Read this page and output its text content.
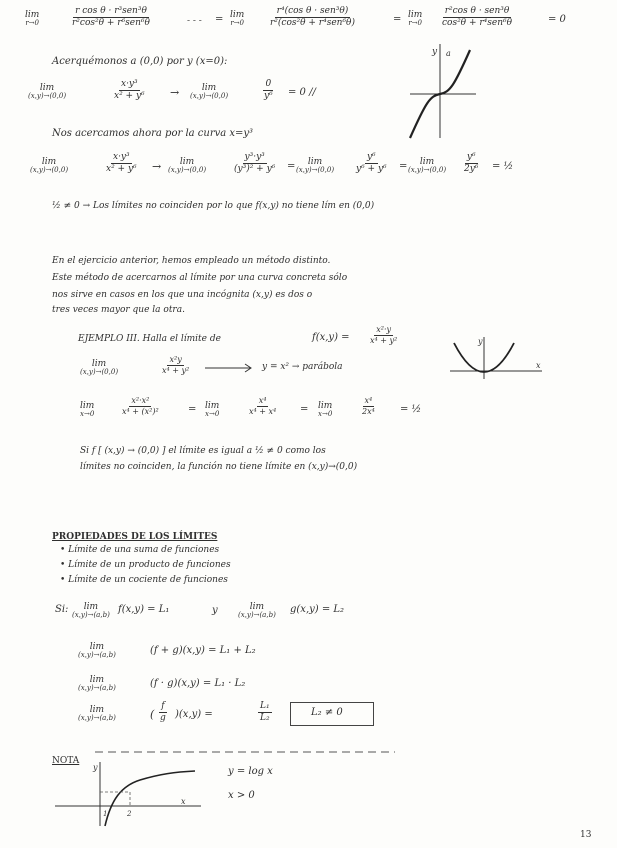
lim
r→0
r cos θ · r³sen³θ
r²cos²θ + r⁶sen⁶θ	- - - = lim
r→0
r⁴(cos θ · sen³θ)
r²(cos²θ + r⁴sen⁶θ)	= lim
r→0
r²cos θ · sen³θ
cos²θ + r⁴sen⁶θ	= 0
Acerquémonos a (0,0) por y (x=0):
lim
(x,y)→(0,0)	$\frac{\text{x·y³}}{\text{x² + y⁶}}$ →	lim
(x,y)→(0,0)	$\frac{0}{\text{y⁶}} = 0$ //
y a
Nos acercamos ahora por la curva x=y³
lim
(x,y)→(0,0)	$\frac{\text{x·y³}}{\text{x² + y⁶}} \to \lim$
(x,y)→(0,0)	$\frac{\text{y³·y³}}{\text{(y³)² + y⁶}} = \lim$
$(x,y)\to(0,0) \frac{\text{y⁶}}{\text{y⁶ + y⁶}} = \lim$
$(x,y)\to(0,0) \frac{\text{y⁶}}{\text{2y⁶}}$ = ½
½ ≠ 0 → Los límites no coinciden por lo que f(x,y) no tiene lím en (0,0)
En el ejercicio anterior, hemos empleado un método distinto.
Este método de acercarnos al límite por una curva concreta sólo
nos sirve en casos en los que una incógnita (x,y) es dos o
tres veces mayor que la otra.
EJEMPLO III. Halla el límite de	$f(x,y) = \frac{\text{x²·y}}{\text{x⁴ + y²}}$
lim
(x,y)→(0,0)	$\frac{\text{x²y}}{\text{x⁴ + y²}}$	y = x² → parábola
y
x
lim
x→0	$\frac{\text{x²·x²}}{\text{x⁴ + (x²)²}}$	= lim
x→0	$\frac{\text{x⁴}}{\text{x⁴ + x⁴}} = \lim$
x→0	$\frac{\text{x⁴}}{\text{2x⁴}}$ = ½
Si f [ (x,y) → (0,0) ] el límite es igual a ½ ≠ 0 como los
límites no coinciden, la función no tiene límite en (x,y)→(0,0)
PROPIEDADES DE LOS LÍMITES
• Límite de una suma de funciones
• Límite de un producto de funciones
• Límite de un cociente de funciones
Si: lim
(x,y)→(a,b) f(x,y) = L₁	y	lim
(x,y)→(a,b) g(x,y) = L₂
lim
(x,y)→(a,b)	(f + g)(x,y) = L₁ + L₂
lim
(x,y)→(a,b)	(f · g)(x,y) = L₁ · L₂
lim
(x,y)→(a,b)	( $\frac{f}{g} )(x,y)$ =	$\frac{\text{L₁}}{\text{L₂}}$	L₂ ≠ 0
NOTA
y
x
1	2
y = log x
x > 0
13
